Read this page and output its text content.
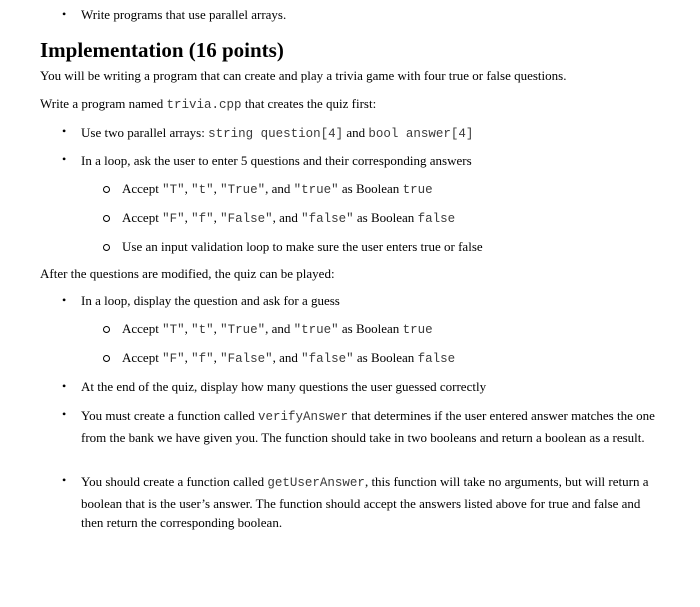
• Write programs that use parallel arrays.
Implementation (16 points)
You will be writing a program that can create and play a trivia game with four true or false questions.
Write a program named trivia.cpp that creates the quiz first:
• Use two parallel arrays: string question[4] and bool answer[4]
• In a loop, ask the user to enter 5 questions and their corresponding answers
Accept "T", "t", "True", and "true" as Boolean true
Accept "F", "f", "False", and "false" as Boolean false
Use an input validation loop to make sure the user enters true or false
After the questions are modified, the quiz can be played:
• In a loop, display the question and ask for a guess
Accept "T", "t", "True", and "true" as Boolean true
Accept "F", "f", "False", and "false" as Boolean false
• At the end of the quiz, display how many questions the user guessed correctly
• You must create a function called verifyAnswer that determines if the user entered answer matches the one from the bank we have given you. The function should take in two booleans and return a boolean as a result.
• You should create a function called getUserAnswer, this function will take no arguments, but will return a boolean that is the user’s answer. The function should accept the answers listed above for true and false and then return the corresponding boolean.
